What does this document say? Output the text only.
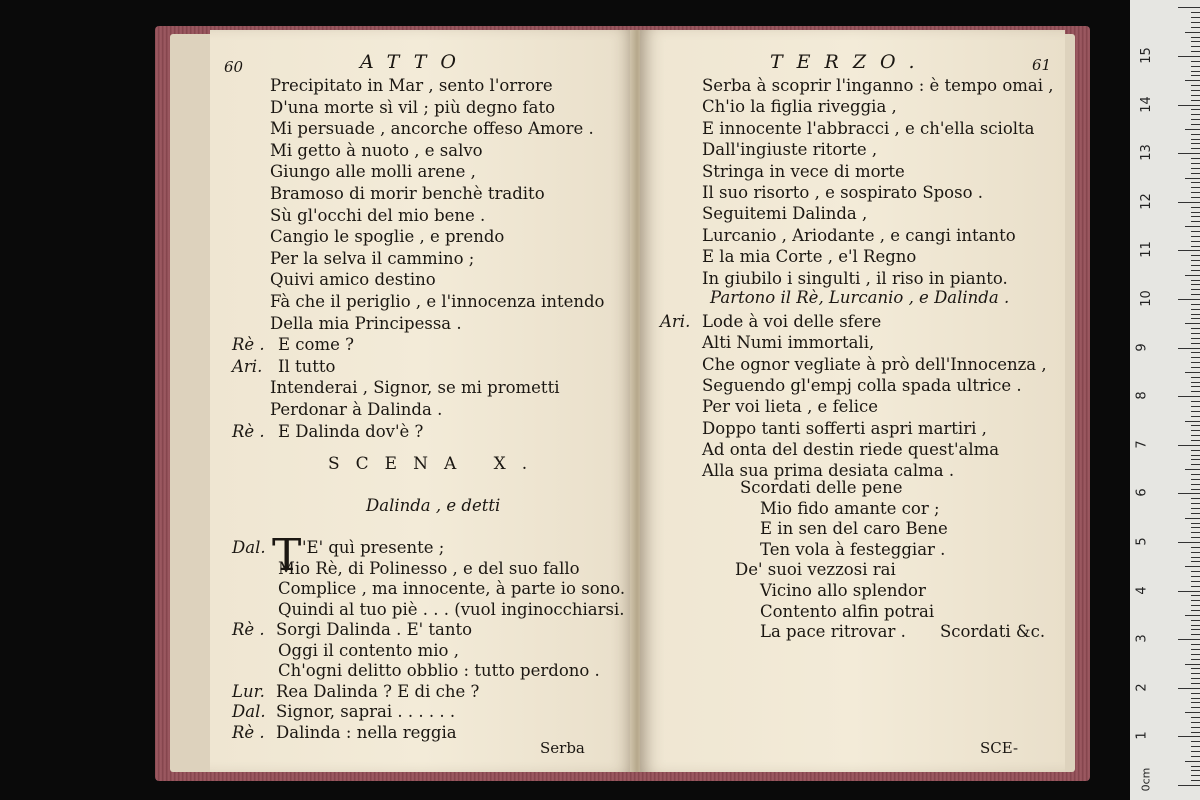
60	ATTO
Precipitato in Mar , sento l'orrore
D'una morte sì vil ; più degno fato
Mi persuade , ancorche offeso Amore .
Mi getto à nuoto , e salvo
Giungo alle molli arene ,
Bramoso di morir benchè tradito
Sù gl'occhi del mio bene .
Cangio le spoglie , e prendo
Per la selva il cammino ;
Quivi amico destino
Fà che il periglio , e l'innocenza intendo
Della mia Principessa .
Rè . E come ?
Ari. Il tutto
Intenderai , Signor, se mi prometti
Perdonar à Dalinda .
Rè . E Dalinda dov'è ?
SCENA X.
Dalinda , e detti
Dal. T 'E' quì presente ;
Mio Rè, di Polinesso , e del suo fallo
Complice , ma innocente, à parte io sono.
Quindi al tuo piè . . . (vuol inginocchiarsi.
Rè . Sorgi Dalinda . E' tanto
Oggi il contento mio ,
Ch'ogni delitto obblio : tutto perdono .
Lur. Rea Dalinda ? E di che ?
Dal. Signor, saprai . . . . . .
Rè . Dalinda : nella reggia
Serba
TERZO.	61
Serba à scoprir l'inganno : è tempo omai ,
Ch'io la figlia riveggia ,
E innocente l'abbracci , e ch'ella sciolta
Dall'ingiuste ritorte ,
Stringa in vece di morte
Il suo risorto , e sospirato Sposo .
Seguitemi Dalinda ,
Lurcanio , Ariodante , e cangi intanto
E la mia Corte , e'l Regno
In giubilo i singulti , il riso in pianto.
Partono il Rè, Lurcanio , e Dalinda .
Ari. Lode à voi delle sfere
Alti Numi immortali,
Che ognor vegliate à prò dell'Innocenza ,
Seguendo gl'empj colla spada ultrice .
Per voi lieta , e felice
Doppo tanti sofferti aspri martiri ,
Ad onta del destin riede quest'alma
Alla sua prima desiata calma .
Scordati delle pene
Mio fido amante cor ;
E in sen del caro Bene
Ten vola à festeggiar .
De' suoi vezzosi rai
Vicino allo splendor
Contento alfin potrai
La pace ritrovar . Scordati &c.
SCE-
0cm
1
2
3
4
5
6
7
8
9
10
11
12
13
14
15
